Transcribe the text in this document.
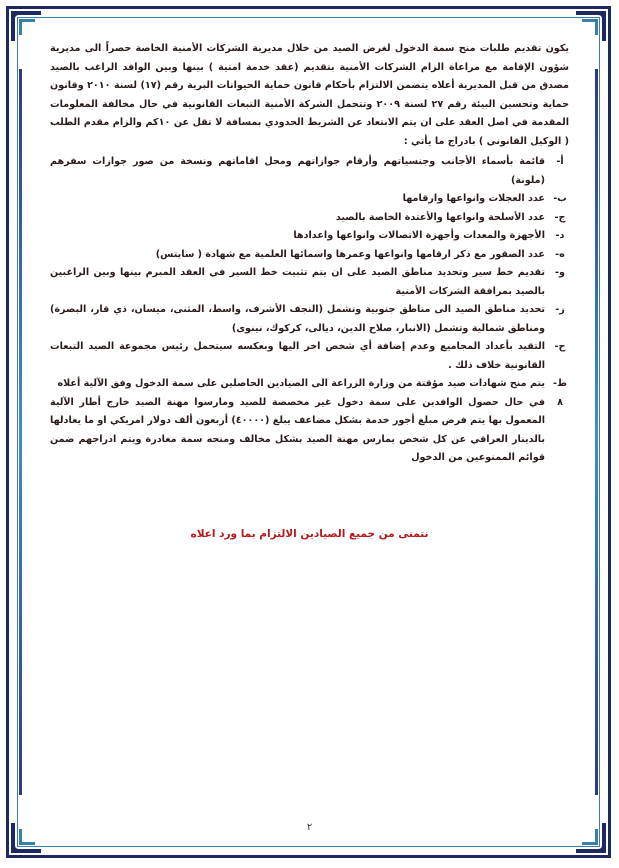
يكون تقديم طلبات منح سمة الدخول لغرض الصيد من خلال مديرية الشركات الأمنية الخاصة حصراً الى مديرية شؤون الإقامة مع مراعاة الزام الشركات الأمنية بتقديم (عقد خدمة امنية ) بينها وبين الوافد الراغب بالصيد مصدق من قبل المديرية أعلاه يتضمن الالتزام بأحكام قانون حماية الحيوانات البرية رقم (١٧) لسنة ٢٠١٠ وقانون حماية وتحسين البيئة رقم ٢٧ لسنة ٢٠٠٩ وتتحمل الشركة الأمنية التبعات القانونية في حال مخالفة المعلومات المقدمة في اصل العقد على ان يتم الابتعاد عن الشريط الحدودي بمسافة لا تقل عن ١٠كم والزام مقدم الطلب ( الوكيل القانوني ) بادراج ما يأتي :

أ-
قائمة بأسماء الأجانب وجنسياتهم وأرقام جوازاتهم ومحل اقاماتهم ونسخة من صور جوازات سفرهم (ملونة)
ب-
عدد العجلات وانواعها وارقامها
ج-
عدد الأسلحة وانواعها والأعتدة الخاصة بالصيد
د-
الأجهزة والمعدات وأجهزة الاتصالات وانواعها واعدادها
ه-
عدد الصقور مع ذكر ارقامها وانواعها وعمرها واسمائها العلمية مع شهادة ( سايتس)
و-
تقديم خط سير وتحديد مناطق الصيد على ان يتم تثبيت خط السير في العقد المبرم بينها وبين الراغبين بالصيد بمرافقة الشركات الأمنية
ز-
تحديد مناطق الصيد الى مناطق جنوبية وتشمل (النجف الأشرف، واسط، المثنى، ميسان، ذي قار، البصرة) ومناطق شمالية وتشمل (الانبار، صلاح الدين، ديالى، كركوك، نينوى)
ح-
التقيد بأعداد المجاميع وعدم إضافة أي شخص اخر اليها وبعكسه سيتحمل رئيس مجموعة الصيد التبعات القانونية خلاف ذلك .
ط-
يتم منح شهادات صيد مؤقتة من وزارة الزراعة الى الصيادين الحاصلين على سمة الدخول وفق الآلية أعلاه
٨
في حال حصول الوافدين على سمة دخول غير مخصصة للصيد ومارسوا مهنة الصيد خارج أطار الآلية المعمول بها يتم فرض مبلغ أجور خدمة بشكل مضاعف يبلغ (٤٠٠٠٠) أربعون ألف دولار امريكي او ما يعادلها بالدينار العراقي عن كل شخص يمارس مهنة الصيد بشكل مخالف ومنحه سمة مغادرة ويتم ادراجهم ضمن قوائم الممنوعين من الدخول
نتمنى من جميع الصيادين الالتزام بما ورد اعلاه
٢
